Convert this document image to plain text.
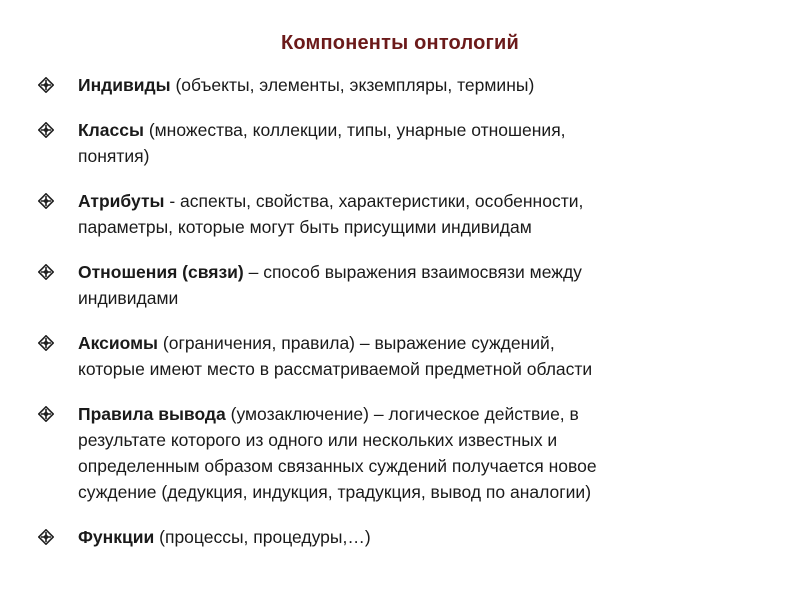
Компоненты онтологий
Индивиды (объекты, элементы, экземпляры, термины)
Классы (множества, коллекции, типы, унарные отношения,
понятия)
Атрибуты - аспекты, свойства, характеристики, особенности,
параметры, которые могут быть присущими индивидам
Отношения (связи) – способ выражения взаимосвязи между
индивидами
Аксиомы (ограничения, правила) – выражение суждений,
которые имеют место в рассматриваемой предметной области
Правила вывода (умозаключение) – логическое действие, в
результате которого из одного или нескольких известных и
определенным образом связанных суждений получается новое
суждение (дедукция, индукция, традукция, вывод по аналогии)
Функции (процессы, процедуры,…)
